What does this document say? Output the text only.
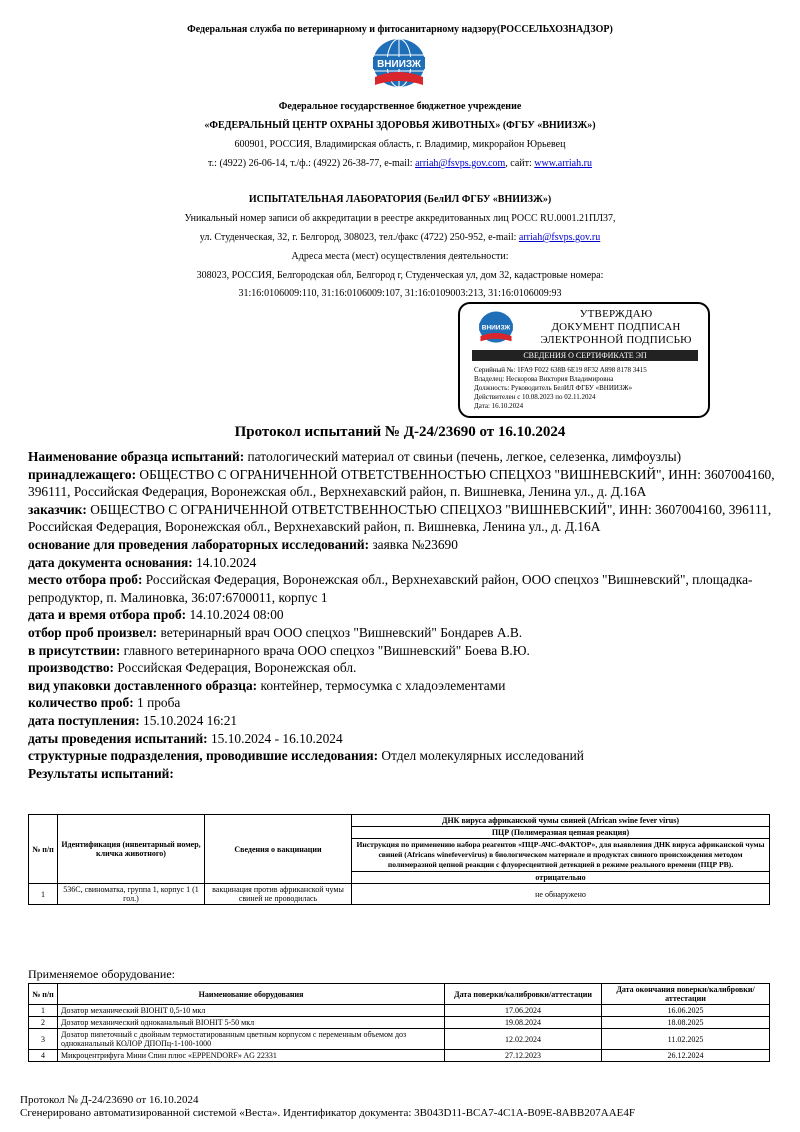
Федеральная служба по ветеринарному и фитосанитарному надзору(РОССЕЛЬХОЗНАДЗОР)
ВНИИЗЖ
Федеральное государственное бюджетное учреждение
«ФЕДЕРАЛЬНЫЙ ЦЕНТР ОХРАНЫ ЗДОРОВЬЯ ЖИВОТНЫХ» (ФГБУ «ВНИИЗЖ»)
600901, РОССИЯ, Владимирская область, г. Владимир, микрорайон Юрьевец
т.: (4922) 26-06-14, т./ф.: (4922) 26-38-77, e-mail: arriah@fsvps.gov.com, сайт: www.arriah.ru
ИСПЫТАТЕЛЬНАЯ ЛАБОРАТОРИЯ (БелИЛ ФГБУ «ВНИИЗЖ»)
Уникальный номер записи об аккредитации в реестре аккредитованных лиц РОСС RU.0001.21ПЛ37,
ул. Студенческая, 32, г. Белгород, 308023, тел./факс (4722) 250-952, e-mail: arriah@fsvps.gov.ru
Адреса места (мест) осуществления деятельности:
308023, РОССИЯ, Белгородская обл, Белгород г, Студенческая ул, дом 32, кадастровые номера:
31:16:0106009:110, 31:16:0106009:107, 31:16:0109003:213, 31:16:0106009:93
ВНИИЗЖ
УТВЕРЖДАЮ
ДОКУМЕНТ ПОДПИСАН
ЭЛЕКТРОННОЙ ПОДПИСЬЮ
СВЕДЕНИЯ О СЕРТИФИКАТЕ ЭП
Серийный №: 1FA9 F022 638B 6E19 8F32 A898 8178 3415
Владелец: Нескорова Виктория Владимировна
Должность: Руководитель БелИЛ ФГБУ «ВНИИЗЖ»
Действителен с 10.08.2023 по 02.11.2024
Дата: 16.10.2024
Протокол испытаний № Д-24/23690 от 16.10.2024
Наименование образца испытаний: патологический материал от свиньи (печень, легкое, селезенка, лимфоузлы)
принадлежащего: ОБЩЕСТВО С ОГРАНИЧЕННОЙ ОТВЕТСТВЕННОСТЬЮ СПЕЦХОЗ "ВИШНЕВСКИЙ", ИНН: 3607004160, 396111, Российская Федерация, Воронежская обл., Верхнехавский район, п. Вишневка, Ленина ул., д. Д.16А
заказчик: ОБЩЕСТВО С ОГРАНИЧЕННОЙ ОТВЕТСТВЕННОСТЬЮ СПЕЦХОЗ "ВИШНЕВСКИЙ", ИНН: 3607004160, 396111, Российская Федерация, Воронежская обл., Верхнехавский район, п. Вишневка, Ленина ул., д. Д.16А
основание для проведения лабораторных исследований: заявка №23690
дата документа основания: 14.10.2024
место отбора проб: Российская Федерация, Воронежская обл., Верхнехавский район, ООО спецхоз "Вишневский", площадка-репродуктор, п. Малиновка, 36:07:6700011, корпус 1
дата и время отбора проб: 14.10.2024 08:00
отбор проб произвел: ветеринарный врач ООО спецхоз "Вишневский" Бондарев А.В.
в присутствии: главного ветеринарного врача ООО спецхоз "Вишневский" Боева В.Ю.
производство: Российская Федерация, Воронежская обл.
вид упаковки доставленного образца: контейнер, термосумка с хладоэлементами
количество проб: 1 проба
дата поступления: 15.10.2024 16:21
даты проведения испытаний: 15.10.2024 - 16.10.2024
структурные подразделения, проводившие исследования: Отдел молекулярных исследований
Результаты испытаний:
№ п/п	Идентификация (инвентарный номер, кличка животного)	Сведения о вакцинации	ДНК вируса африканской чумы свиней (African swine fever virus)
			ПЦР (Полимеразная цепная реакция)
			Инструкция по применению набора реагентов «ПЦР-АЧС-ФАКТОР», для выявления ДНК вируса африканской чумы свиней (Africans winefevervirus) в биологическом материале и продуктах свиного происхождения методом полимеразной цепной реакции с флуоресцентной детекцией в режиме реального времени (ПЦР РВ).
			отрицательно
1	536С, свиноматка, группа 1, корпус 1 (1 гол.)	вакцинация против африканской чумы свиней не проводилась	не обнаружено
Применяемое оборудование:
№ п/п	Наименование оборудования	Дата поверки/калибровки/аттестации	Дата окончания поверки/калибровки/аттестации
1	Дозатор механический BIOHIT 0,5-10 мкл	17.06.2024	16.06.2025
2	Дозатор механический одноканальный BIOHIT 5-50 мкл	19.08.2024	18.08.2025
3	Дозатор пипеточный с двойным термостатированным цветным корпусом с переменным объемом доз одноканальный КОЛОР ДПОПц-1-100-1000	12.02.2024	11.02.2025
4	Микроцентрифуга Мини Спин плюс «EPPENDORF» AG 22331	27.12.2023	26.12.2024
Протокол № Д-24/23690 от 16.10.2024
Сгенерировано автоматизированной системой «Веста». Идентификатор документа: 3В043D11-BCA7-4C1A-B09E-8ABB207AAE4F
